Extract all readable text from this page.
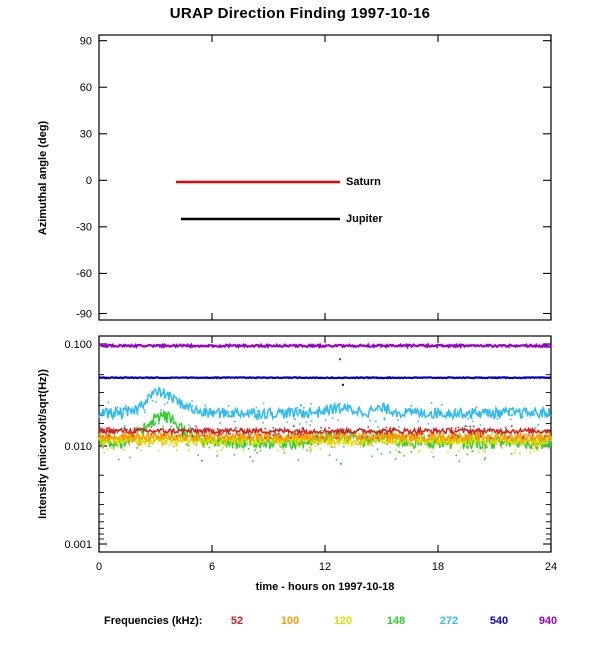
URAP Direction Finding 1997-10-16
90
60
30
0
-30
-60
-90
Azimuthal angle (deg)	Saturn
Jupiter
0.100
0.010
0.001
0	6	12	18	24
Intensity (microvolt/sqrt(Hz))
time - hours on 1997-10-18
Frequencies (kHz):	52	100	120	148	272	540	940
